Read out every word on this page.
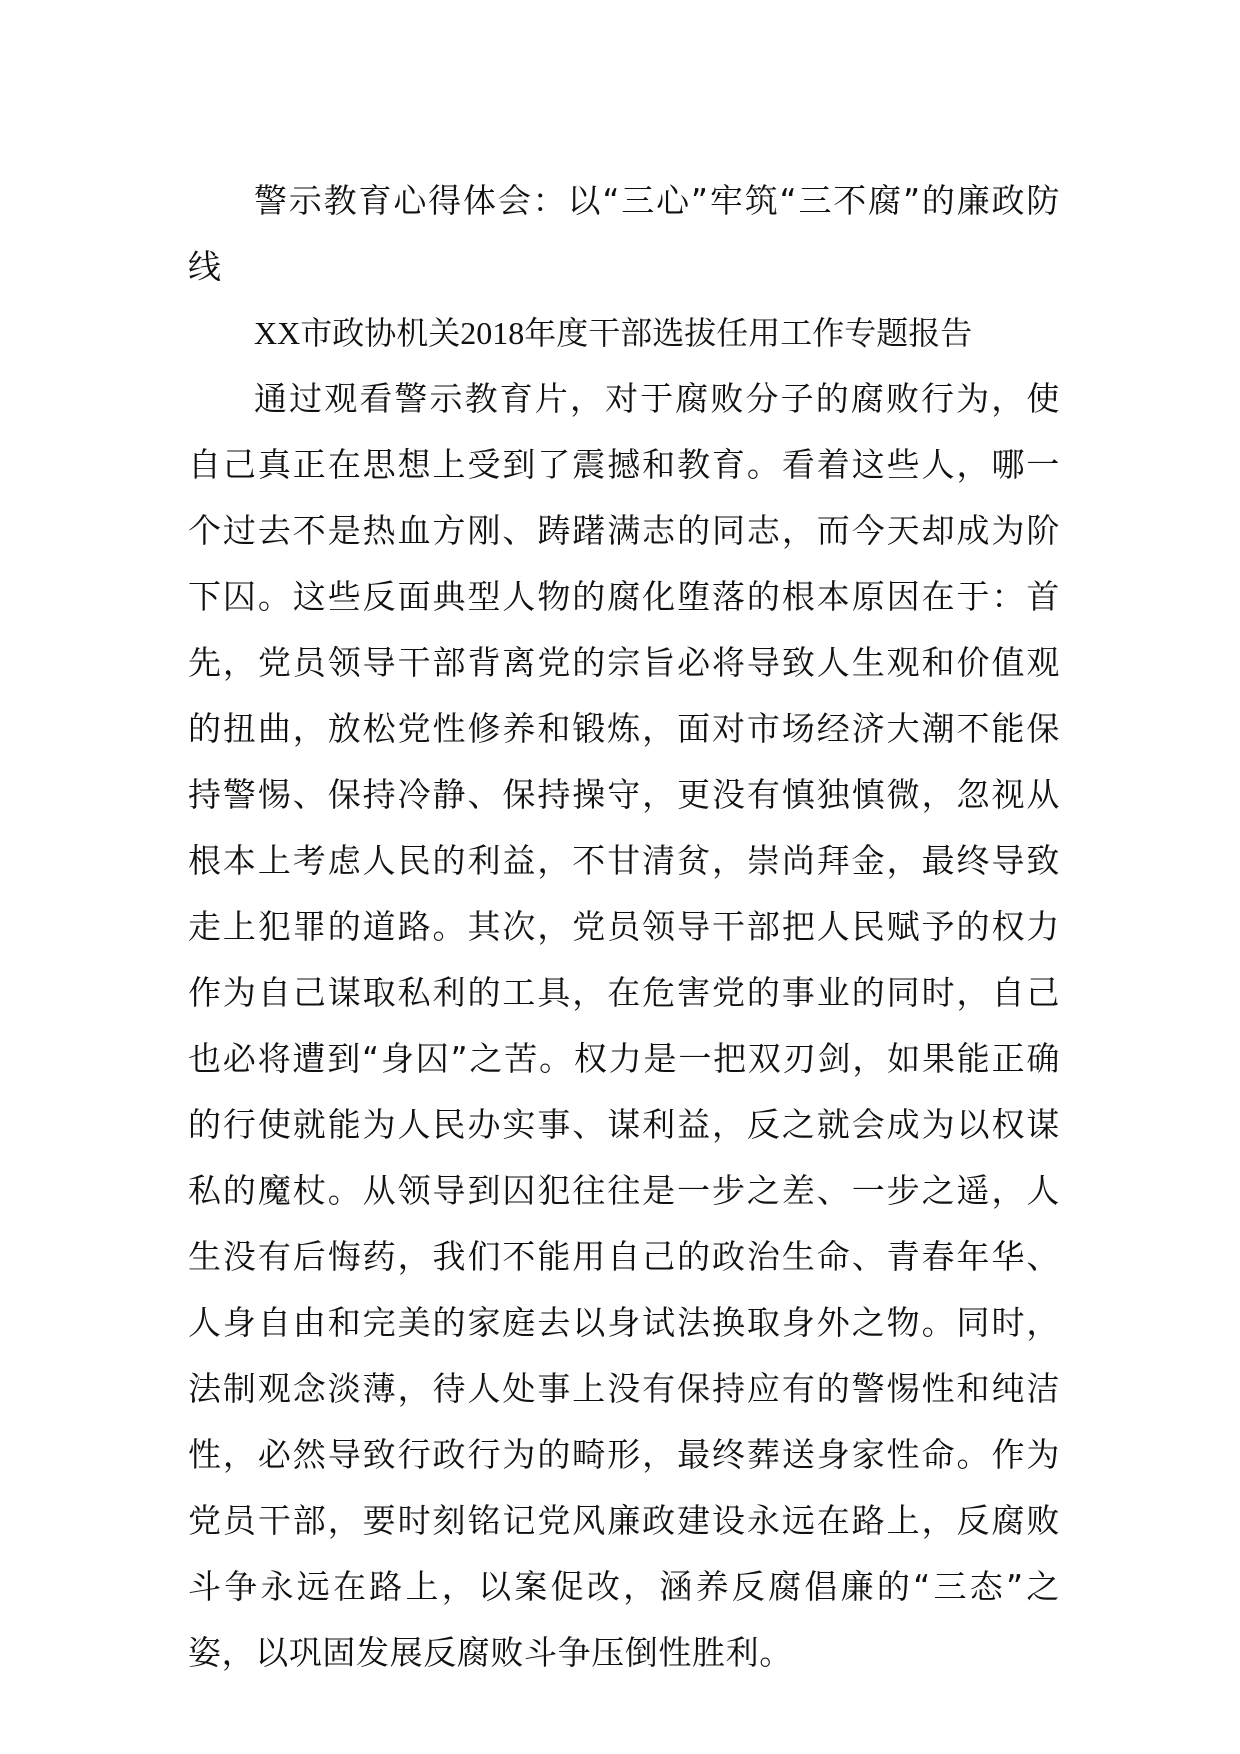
警示教育心得体会：以“三心”牢筑“三不腐”的廉政防线

XX市政协机关2018年度干部选拔任用工作专题报告

通过观看警示教育片，对于腐败分子的腐败行为，使自己真正在思想上受到了震撼和教育。看着这些人，哪一个过去不是热血方刚、踌躇满志的同志，而今天却成为阶下囚。这些反面典型人物的腐化堕落的根本原因在于：首先，党员领导干部背离党的宗旨必将导致人生观和价值观的扭曲，放松党性修养和锻炼，面对市场经济大潮不能保持警惕、保持冷静、保持操守，更没有慎独慎微，忽视从根本上考虑人民的利益，不甘清贫，崇尚拜金，最终导致走上犯罪的道路。其次，党员领导干部把人民赋予的权力作为自己谋取私利的工具，在危害党的事业的同时，自己也必将遭到“身囚”之苦。权力是一把双刃剑，如果能正确的行使就能为人民办实事、谋利益，反之就会成为以权谋私的魔杖。从领导到囚犯往往是一步之差、一步之遥，人生没有后悔药，我们不能用自己的政治生命、青春年华、人身自由和完美的家庭去以身试法换取身外之物。同时，法制观念淡薄，待人处事上没有保持应有的警惕性和纯洁性，必然导致行政行为的畸形，最终葬送身家性命。作为党员干部，要时刻铭记党风廉政建设永远在路上，反腐败斗争永远在路上，以案促改，涵养反腐倡廉的“三态”之姿，以巩固发展反腐败斗争压倒性胜利。
